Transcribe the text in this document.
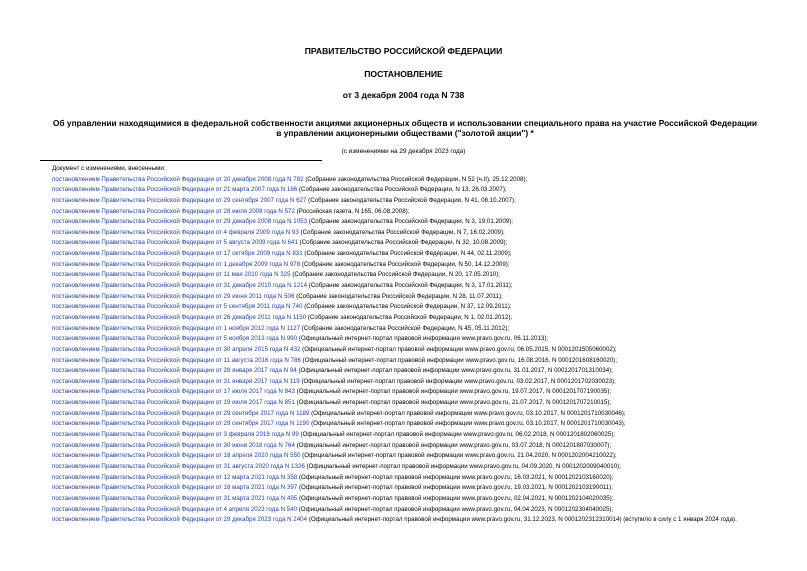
ПРАВИТЕЛЬСТВО РОССИЙСКОЙ ФЕДЕРАЦИИ
ПОСТАНОВЛЕНИЕ
от 3 декабря 2004 года N 738
Об управлении находящимися в федеральной собственности акциями акционерных обществ и использовании специального права на участие Российской Федерации в управлении акционерными обществами ("золотой акции") *
(с изменениями на 29 декабря 2023 года)
Документ с изменениями, внесенными:
постановлением Правительства Российской Федерации от 20 декабря 2008 года N 782 (Собрание законодательства Российской Федерации, N 52 (ч.II), 25.12.2008);
постановлением Правительства Российской Федерации от 21 марта 2007 года N 166 (Собрание законодательства Российской Федерации, N 13, 26.03.2007);
постановлением Правительства Российской Федерации от 29 сентября 2007 года N 627 (Собрание законодательства Российской Федерации, N 41, 08.10.2007);
постановлением Правительства Российской Федерации от 28 июля 2008 года N 572 (Российская газета, N 165, 06.08.2008);
постановлением Правительства Российской Федерации от 29 декабря 2008 года N 1053 (Собрание законодательства Российской Федерации, N 3, 19.01.2009);
постановлением Правительства Российской Федерации от 4 февраля 2009 года N 93 (Собрание законодательства Российской Федерации, N 7, 16.02.2009);
постановлением Правительства Российской Федерации от 5 августа 2009 года N 641 (Собрание законодательства Российской Федерации, N 32, 10.08.2009);
постановлением Правительства Российской Федерации от 17 октября 2009 года N 831 (Собрание законодательства Российской Федерации, N 44, 02.11.2009);
постановлением Правительства Российской Федерации от 1 декабря 2009 года N 978 (Собрание законодательства Российской Федерации, N 50, 14.12.2009);
постановлением Правительства Российской Федерации от 11 мая 2010 года N 325 (Собрание законодательства Российской Федерации, N 20, 17.05.2010);
постановлением Правительства Российской Федерации от 31 декабря 2010 года N 1214 (Собрание законодательства Российской Федерации, N 3, 17.01.2011);
постановлением Правительства Российской Федерации от 29 июня 2011 года N 506 (Собрание законодательства Российской Федерации, N 28, 11.07.2011);
постановлением Правительства Российской Федерации от 5 сентября 2011 года N 740 (Собрание законодательства Российской Федерации, N 37, 12.09.2011);
постановлением Правительства Российской Федерации от 26 декабря 2011 года N 1150 (Собрание законодательства Российской Федерации, N 1, 02.01.2012);
постановлением Правительства Российской Федерации от 1 ноября 2012 года N 1127 (Собрание законодательства Российской Федерации, N 45, 05.11.2012);
постановлением Правительства Российской Федерации от 5 ноября 2013 года N 990 (Официальный интернет-портал правовой информации www.pravo.gov.ru, 06.11.2013);
постановлением Правительства Российской Федерации от 30 апреля 2015 года N 432 (Официальный интернет-портал правовой информации www.pravo.gov.ru, 06.05.2015, N 0001201505060002);
постановлением Правительства Российской Федерации от 11 августа 2016 года N 786 (Официальный интернет-портал правовой информации www.pravo.gov.ru, 16.08.2016, N 0001201608160020);
постановлением Правительства Российской Федерации от 28 января 2017 года N 94 (Официальный интернет-портал правовой информации www.pravo.gov.ru, 31.01.2017, N 0001201701310034);
постановлением Правительства Российской Федерации от 31 января 2017 года N 119 (Официальный интернет-портал правовой информации www.pravo.gov.ru, 03.02.2017, N 0001201702030023);
постановлением Правительства Российской Федерации от 17 июля 2017 года N 843 (Официальный интернет-портал правовой информации www.pravo.gov.ru, 19.07.2017, N 0001201707190035);
постановлением Правительства Российской Федерации от 19 июля 2017 года N 851 (Официальный интернет-портал правовой информации www.pravo.gov.ru, 21.07.2017, N 0001201707210015);
постановлением Правительства Российской Федерации от 29 сентября 2017 года N 1189 (Официальный интернет-портал правовой информации www.pravo.gov.ru, 03.10.2017, N 0001201710030046);
постановлением Правительства Российской Федерации от 29 сентября 2017 года N 1190 (Официальный интернет-портал правовой информации www.pravo.gov.ru, 03.10.2017, N 0001201710030043);
постановлением Правительства Российской Федерации от 3 февраля 2018 года N 99 (Официальный интернет-портал правовой информации www.pravo.gov.ru, 06.02.2018, N 0001201802060025);
постановлением Правительства Российской Федерации от 30 июня 2018 года N 764 (Официальный интернет-портал правовой информации www.pravo.gov.ru, 03.07.2018, N 0001201807030007);
постановлением Правительства Российской Федерации от 18 апреля 2020 года N 550 (Официальный интернет-портал правовой информации www.pravo.gov.ru, 21.04.2020, N 0001202004210022);
постановлением Правительства Российской Федерации от 31 августа 2020 года N 1326 (Официальный интернет-портал правовой информации www.pravo.gov.ru, 04.09.2020, N 0001202009040010);
постановлением Правительства Российской Федерации от 12 марта 2021 года N 358 (Официальный интернет-портал правовой информации www.pravo.gov.ru, 16.03.2021, N 0001202103160020);
постановлением Правительства Российской Федерации от 18 марта 2021 года N 397 (Официальный интернет-портал правовой информации www.pravo.gov.ru, 19.03.2021, N 0001202103190011);
постановлением Правительства Российской Федерации от 31 марта 2021 года N 495 (Официальный интернет-портал правовой информации www.pravo.gov.ru, 02.04.2021, N 0001202104020035);
постановлением Правительства Российской Федерации от 4 апреля 2023 года N 540 (Официальный интернет-портал правовой информации www.pravo.gov.ru, 04.04.2023, N 0001202304040025);
постановлением Правительства Российской Федерации от 29 декабря 2023 года N 2404 (Официальный интернет-портал правовой информации www.pravo.gov.ru, 31.12.2023, N 0001202312310014) (вступило в силу с 1 января 2024 года).
